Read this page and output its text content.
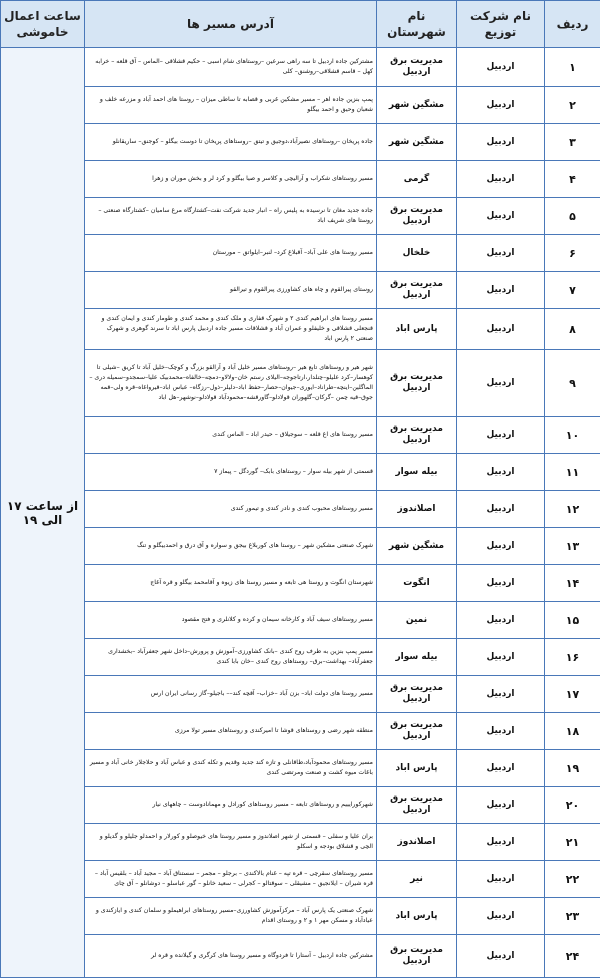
ردیف	نام شرکت توزیع	نام شهرستان	آدرس مسیر ها	ساعت اعمال خاموشی
۱	اردبیل	مدیریت برق اردبیل	مشترکین جاده اردبیل تا سه راهی سرعین –روستاهای شام اسبی – حکیم قشلاقی –الماس – آق قلعه – خرابه کهل – قاسم قشلاقی–روشنق– کلی	از ساعت ۱۷ الی ۱۹
۲	اردبیل	مشگین شهر	پمپ بنزین جاده اهر – مسیر مشکین غربی و قصابه تا ساطی میزان – روستا های احمد آباد و مزرعه خلف و شعبان وحیق و احمد بیگلو	
۳	اردبیل	مشگین شهر	جاده پریخان –روستاهای نصیرآباد،دوجیق و تیتق –روستاهای پریخان تا دوست بیگلو – کوجنق– ساریقانلو	
۴	اردبیل	گرمی	مسیر روستاهای شکراب و آرالیچی و کلاسر و صیا بیگلو و کرد لر و بخش موران و زهرا	
۵	اردبیل	مدیریت برق اردبیل	جاده جدید مغان تا نرسیده به پلیس راه – انبار جدید شرکت نفت–کشتارگاه مرغ سامیان –کشتارگاه صنعتی – روستا های شریف اباد	
۶	اردبیل	خلخال	مسیر روستا های علی آباد– آقبلاغ کرد– لنبر–ایلواتق – مورستان	
۷	اردبیل	مدیریت برق اردبیل	روستای پیرالقوم و چاه های کشاورزی پیرالقوم و تیرالقو	
۸	اردبیل	پارس اباد	مسیر روستا های ابراهیم کندی ۲ و شهرک قفاری و ملک کندی و محمد کندی و طومار کندی و ایمان کندی و قنجعلی قشلاقی و خلیفلو و عمران آباد و قشلاقات مسیر جاده اردبیل پارس اباد تا سرند گوهری و شهرک صنعتی ۲ پارس اباد	
۹	اردبیل	مدیریت برق اردبیل	شهر هیر و روستاهای تابع هیر –روستاهای مسیر خلیل آباد و آرالقو بزرگ و کوچک–خلیل آباد تا کریق –شیلی تا کوهسار–کرد علیلو–چنلدار،ارتاجوجه–الیلای رستم خان–ولالاو–دمچه–خالفاه–محمدبیک علیا–سمجدو–سمیله دری –الماگلین–اینچه–طراناد–ایوری–جیوان–حصار–حفظ اباد–دلیلر–ذول–رزگاه– عباس اباد–قیرواغاه–قره ولی–قمه جوق–قیه چمن –گرکان–گلهوران قولادلو–گاورقشه–محمودآباد قولادلو–نوشهر–هل اباد	
۱۰	اردبیل	مدیریت برق اردبیل	مسیر روستا های اغ قلعه – سوجیلاق – حیدر اباد – الماس کندی	
۱۱	اردبیل	بیله سوار	قسمتی از شهر بیله سوار – روستاهای بابک– گوردگل – پیماز ۷	
۱۲	اردبیل	اصلاندوز	مسیر روستاهای محبوب کندی و نادر کندی و تیمور کندی	
۱۳	اردبیل	مشگین شهر	شهرک صنعتی مشکین شهر – روستا های کوربلاغ بیجق و سواره و آق درق و احمدبیگلو و تنگ	
۱۴	اردبیل	انگوت	شهرستان انگوت و روستا هی تابعه و مسیر روستا های زیوه و آقامحمد بیگلو و قره آغاج	
۱۵	اردبیل	نمین	مسیر روستاهای سیف آباد و کارخانه سیمان و کرده و کلانلری و فتح مقصود	
۱۶	اردبیل	بیله سوار	مسیر پمپ بنزین به طرف روح کندی –بانک کشاورزی–آموزش و پرورش–داخل شهر جعفرآباد –بخشداری جعفرآباد– بهداشت–برق– روستاهای روح کندی –خان بابا کندی	
۱۷	اردبیل	مدیریت برق اردبیل	مسیر روستا های دولت اباد– بزن آباد –خزاب– آقچه کند–– باجیلو–گاز رسانی ایران ارس	
۱۸	اردبیل	مدیریت برق اردبیل	منطقه شهر رضی و روستاهای قوشا تا امیرکندی و روستاهای مسیر تولا مرزی	
۱۹	اردبیل	پارس اباد	مسیر روستاهای محمودآباد،طاقانلی و تازه کند جدید وقدیم و تکله کندی و عباس آباد و حلاجلار خانی آباد و مسیر باغات میوه کشت و صنعت ومرتضی کندی	
۲۰	اردبیل	مدیریت برق اردبیل	شهرکورایییم و روستاهای تابعه – مسیر روستاهای کورادل و مهمانادوست – چاههای نیار	
۲۱	اردبیل	اصلاندوز	بران علیا و سفلی – قسمتی از شهر اصلاندوز و مسیر روستا های خیوصلو و کورلار و احمدلو جلیلو و گدیلو و الچی و قشلاق بودجه و اسکلو	
۲۲	اردبیل	نیر	مسیر روستاهای سقرچی – قره تپه – غنام بالاکندی – برجلو – مجمر – سستناق آباد – مجید آباد – بلقیس آباد – قره شیران – ایلانجیق – مشیقلی – سوقتالو – کجرلی – سعید خانلو – گور عباسلو – دوشانلو – آق چای	
۲۳	اردبیل	پارس اباد	شهرک صنعتی یک پارس آباد – مرکزآموزش کشاورزی–مسیر روستاهای ابراهیملو و سلمان کندی و ایازکندی و عیادآباد و مسکن مهر ۱ و ۲ و روستای اقدام	
۲۴	اردبیل	مدیریت برق اردبیل	مشترکین جاده اردبیل – آستارا تا فردوگاه و مسیر روستا های کرگری و گیلانده و قره لر	
